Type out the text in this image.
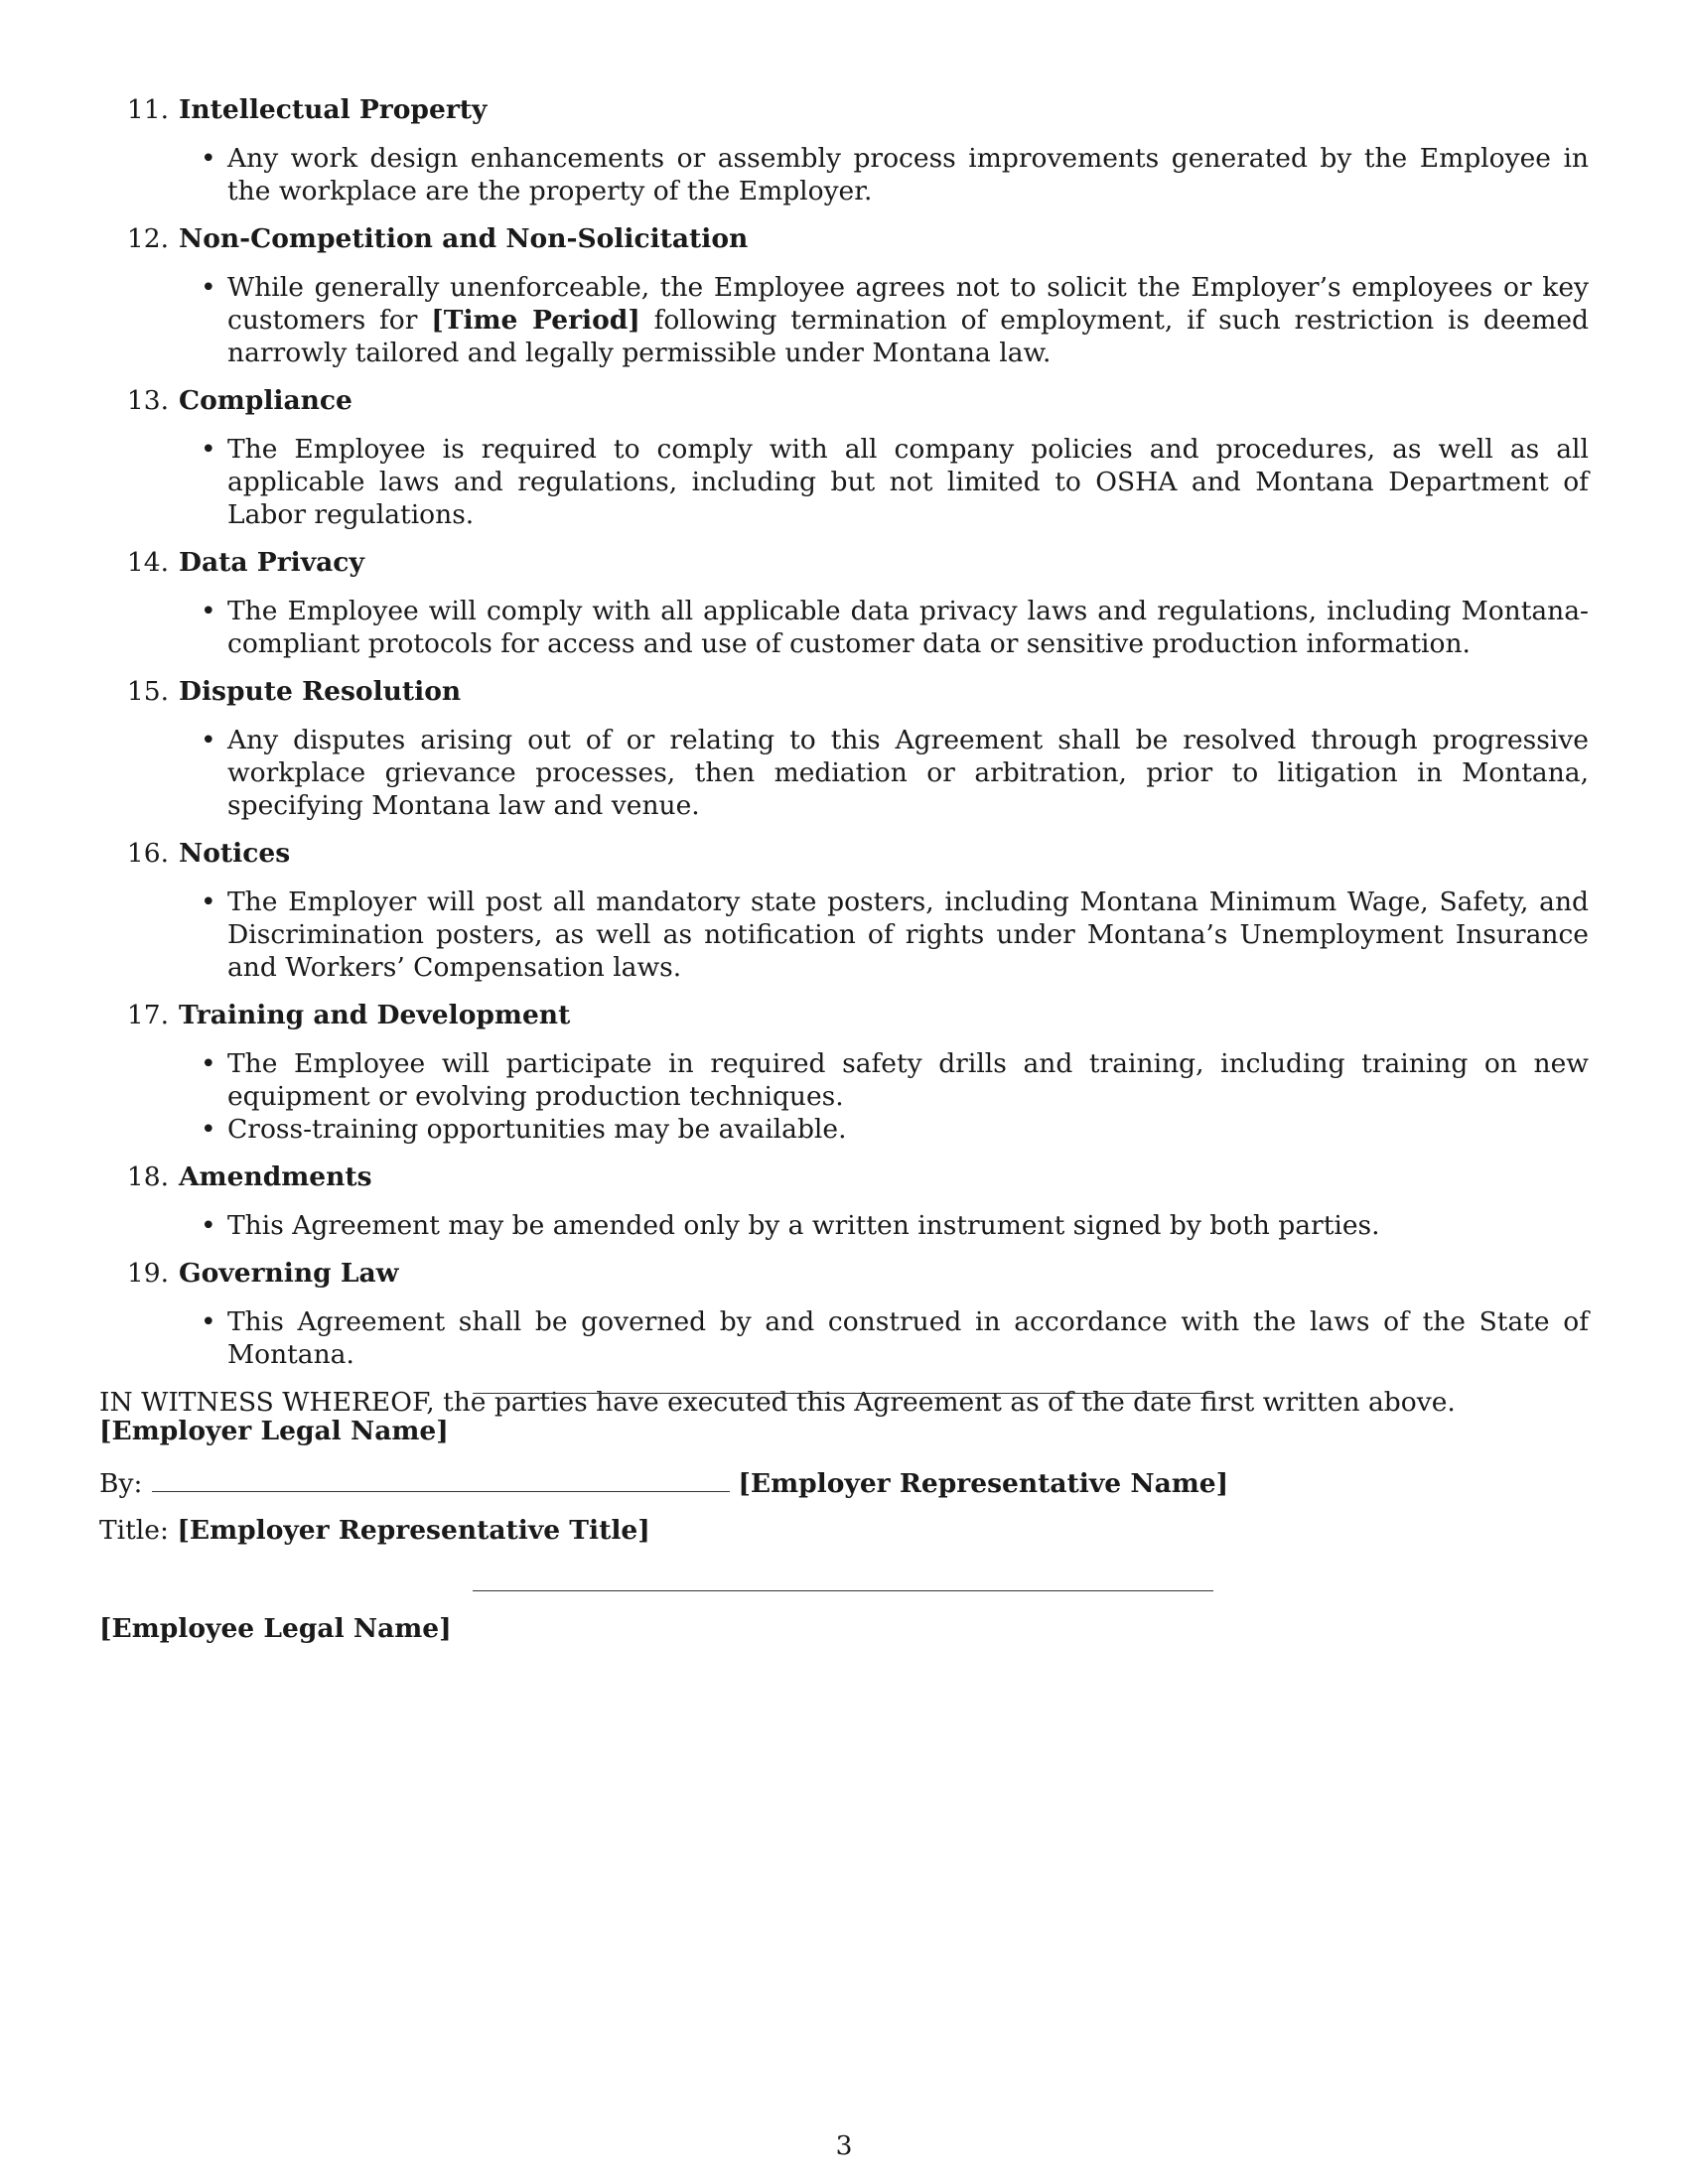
11. Intellectual Property
• Any work design enhancements or assembly process improvements generated by the Employee in the workplace are the property of the Employer.
12. Non-Competition and Non-Solicitation
• While generally unenforceable, the Employee agrees not to solicit the Employer’s employees or key customers for [Time Period] following termination of employment, if such restriction is deemed narrowly tailored and legally permissible under Montana law.
13. Compliance
• The Employee is required to comply with all company policies and procedures, as well as all applicable laws and regulations, including but not limited to OSHA and Montana Department of Labor regulations.
14. Data Privacy
• The Employee will comply with all applicable data privacy laws and regulations, including Montana-compliant protocols for access and use of customer data or sensitive production information.
15. Dispute Resolution
• Any disputes arising out of or relating to this Agreement shall be resolved through progressive workplace grievance processes, then mediation or arbitration, prior to litigation in Montana, specifying Montana law and venue.
16. Notices
• The Employer will post all mandatory state posters, including Montana Minimum Wage, Safety, and Discrimination posters, as well as notification of rights under Montana’s Unemployment Insurance and Workers’ Compensation laws.
17. Training and Development
• The Employee will participate in required safety drills and training, including training on new equipment or evolving production techniques.
• Cross-training opportunities may be available.
18. Amendments
• This Agreement may be amended only by a written instrument signed by both parties.
19. Governing Law
• This Agreement shall be governed by and construed in accordance with the laws of the State of Montana.
IN WITNESS WHEREOF, the parties have executed this Agreement as of the date first written above.
[Employer Legal Name]
By:	[Employer Representative Name]
Title: [Employer Representative Title]
[Employee Legal Name]
3
